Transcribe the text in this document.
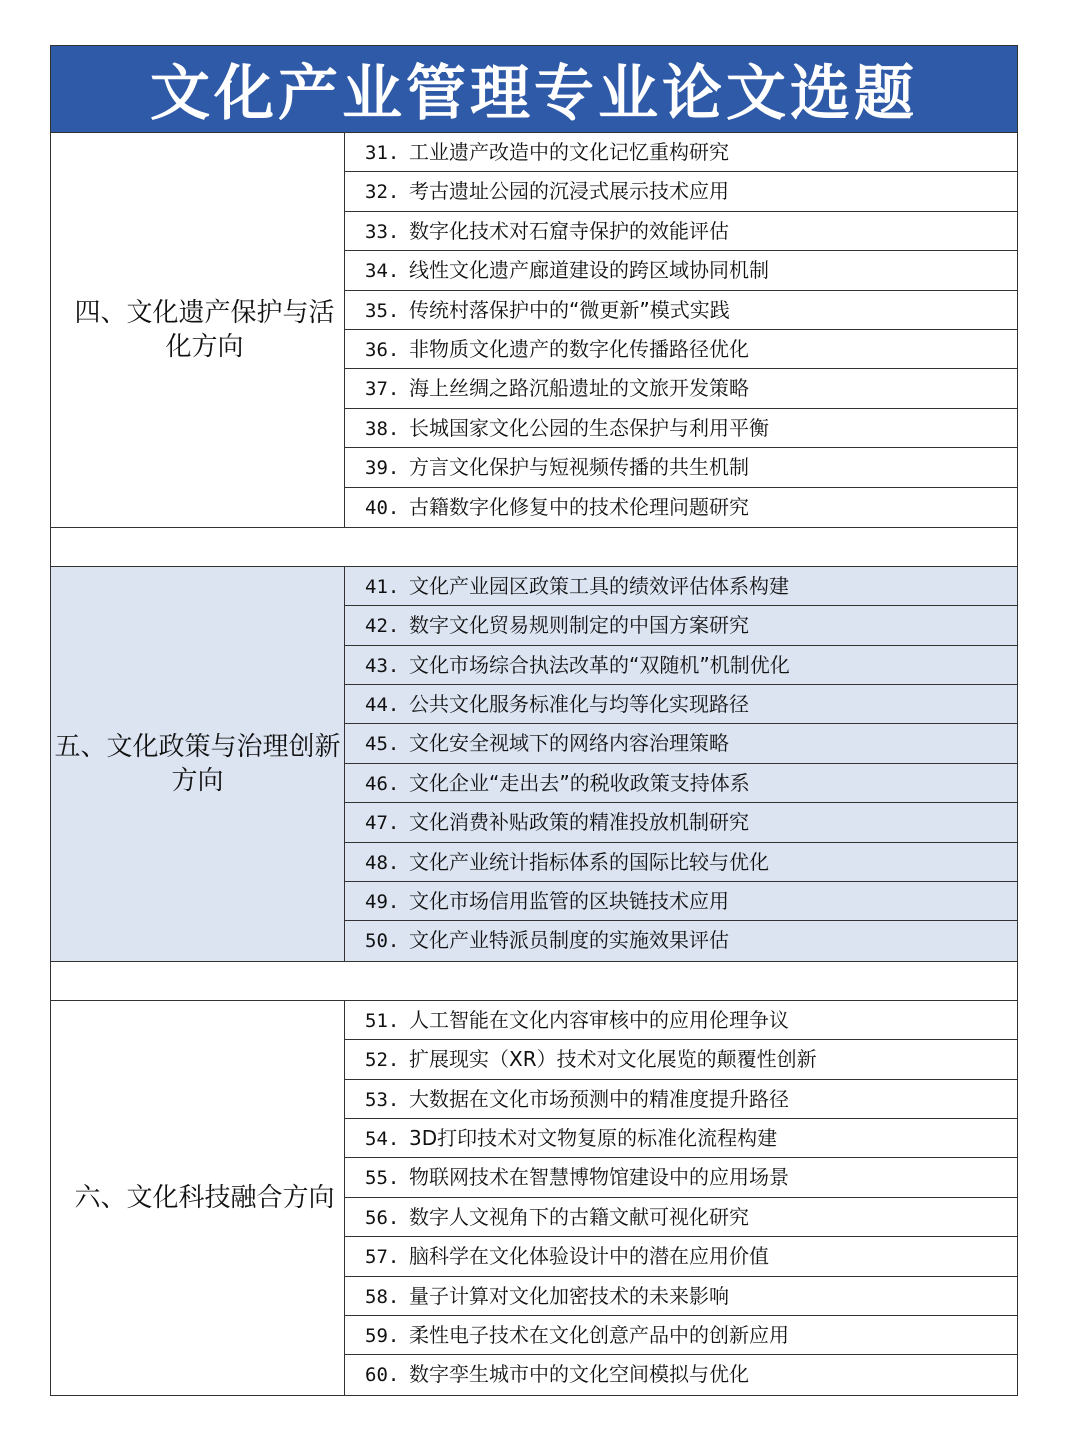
文化产业管理专业论文选题
四、文化遗产保护与活化方向
31. 工业遗产改造中的文化记忆重构研究
32. 考古遗址公园的沉浸式展示技术应用
33. 数字化技术对石窟寺保护的效能评估
34. 线性文化遗产廊道建设的跨区域协同机制
35. 传统村落保护中的“微更新”模式实践
36. 非物质文化遗产的数字化传播路径优化
37. 海上丝绸之路沉船遗址的文旅开发策略
38. 长城国家文化公园的生态保护与利用平衡
39. 方言文化保护与短视频传播的共生机制
40. 古籍数字化修复中的技术伦理问题研究
五、文化政策与治理创新方向
41. 文化产业园区政策工具的绩效评估体系构建
42. 数字文化贸易规则制定的中国方案研究
43. 文化市场综合执法改革的“双随机”机制优化
44. 公共文化服务标准化与均等化实现路径
45. 文化安全视域下的网络内容治理策略
46. 文化企业“走出去”的税收政策支持体系
47. 文化消费补贴政策的精准投放机制研究
48. 文化产业统计指标体系的国际比较与优化
49. 文化市场信用监管的区块链技术应用
50. 文化产业特派员制度的实施效果评估
六、文化科技融合方向
51. 人工智能在文化内容审核中的应用伦理争议
52. 扩展现实（XR）技术对文化展览的颠覆性创新
53. 大数据在文化市场预测中的精准度提升路径
54. 3D打印技术对文物复原的标准化流程构建
55. 物联网技术在智慧博物馆建设中的应用场景
56. 数字人文视角下的古籍文献可视化研究
57. 脑科学在文化体验设计中的潜在应用价值
58. 量子计算对文化加密技术的未来影响
59. 柔性电子技术在文化创意产品中的创新应用
60. 数字孪生城市中的文化空间模拟与优化
